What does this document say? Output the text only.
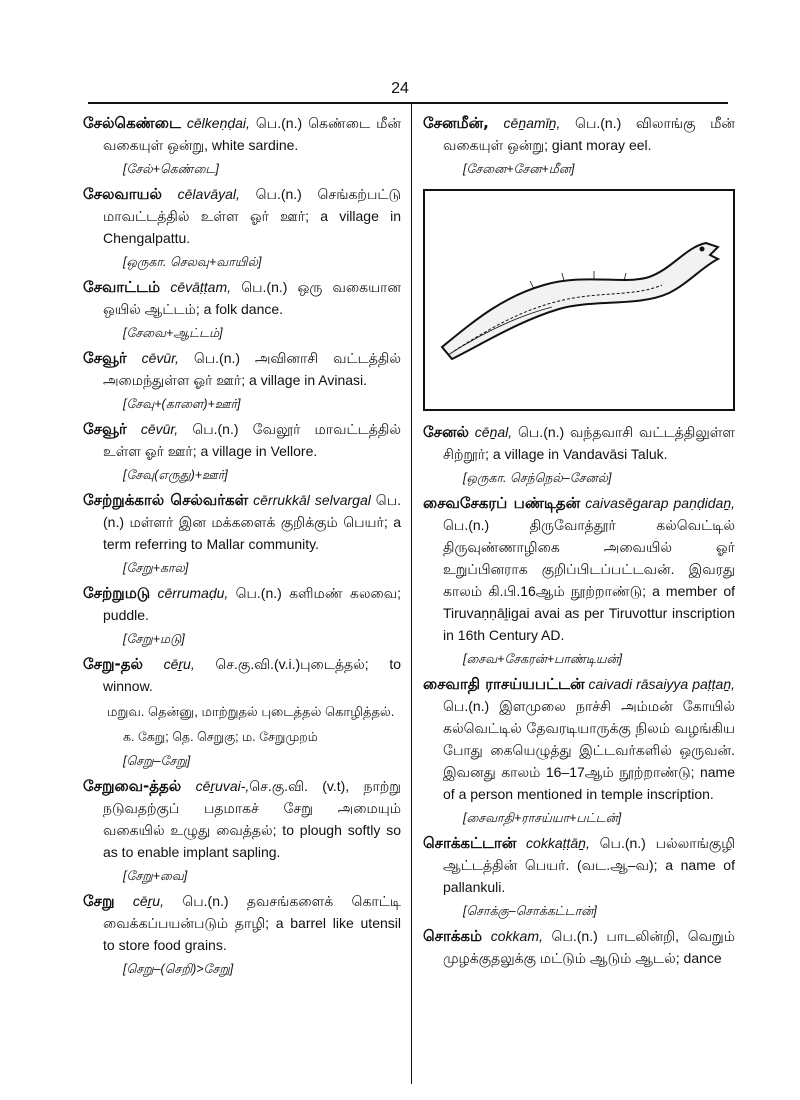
24

சேல்கெண்டை cēlkeṇḍai, பெ.(n.) கெண்டை மீன் வகையுள் ஒன்று, white sardine.

[சேல்+கெண்டை]

சேலவாயல் cēlavāyal, பெ.(n.) செங்கற்பட்டு மாவட்டத்தில் உள்ள ஓர் ஊர்; a village in Chengalpattu.

[ஒருகா. செலவு+வாயில்]

சேவாட்டம் cēvāṭṭam, பெ.(n.) ஒரு வகையான ஒயில் ஆட்டம்; a folk dance.

[சேவை+ஆட்டம்]

சேவூர் cēvūr, பெ.(n.) அவினாசி வட்டத்தில் அமைந்துள்ள ஓர் ஊர்; a village in Avinasi.

[சேவு+(காளை)+ஊர்]

சேவூர் cēvūr, பெ.(n.) வேலூர் மாவட்டத்தில் உள்ள ஓர் ஊர்; a village in Vellore.

[சேவு(எருது)+ஊர்]

சேற்றுக்கால் செல்வர்கள் cērrukkāl selvargal பெ.(n.) மள்ளர் இன மக்களைக் குறிக்கும் பெயர்; a term referring to Mallar community.

[சேறு+கால]

சேற்றுமடு cērrumaḍu, பெ.(n.) களிமண் கலவை; puddle.

[சேறு+மடு]

சேறு-தல் cēṟu, செ.கு.வி.(v.i.)புடைத்தல்; to winnow.

மறுவ. தென்னு, மாற்றுதல் புடைத்தல் கொழித்தல்.
க. கேறு; தெ. செறுகு; ம. சேறுமுறம்
[செறு–சேறு]

சேறுவை-த்தல் cēṟuvai-,செ.கு.வி. (v.t), நாற்று நடுவதற்குப் பதமாகச் சேறு அமையும் வகையில் உழுது வைத்தல்; to plough softly so as to enable implant sapling.

[சேறு+வை]

சேறு cēṟu, பெ.(n.) தவசங்களைக் கொட்டி வைக்கப்பயன்படும் தாழி; a barrel like utensil to store food grains.

[செறு–(செறி)>சேறு]

சேனமீன், cēṉamīṉ, பெ.(n.) விலாங்கு மீன் வகையுள் ஒன்று; giant moray eel.

[சேனை+சேன+மீன]

சேனல் cēṉal, பெ.(n.) வந்தவாசி வட்டத்திலுள்ள சிற்றூர்; a village in Vandavāsi Taluk.

[ஒருகா. செந்நெல்–சேனல்]

சைவசேகரப் பண்டிதன் caivasēgarap paṇḍidaṉ, பெ.(n.) திருவோத்தூர் கல்வெட்டில் திருவுண்ணாழிகை அவையில் ஓர் உறுப்பினராக குறிப்பிடப்பட்டவன். இவரது காலம் கி.பி.16ஆம் நூற்றாண்டு; a member of Tiruvaṇṇāḻigai avai as per Tiruvottur inscription in 16th Century AD.

[சைவ+சேகரன்+பாண்டியன்]

சைவாதி ராசய்யபட்டன் caivadi rāsaiyya paṭṭaṉ, பெ.(n.) இளமுலை நாச்சி அம்மன் கோயில் கல்வெட்டில் தேவரடியாருக்கு நிலம் வழங்கிய போது கையெழுத்து இட்டவர்களில் ஒருவன். இவனது காலம் 16–17ஆம் நூற்றாண்டு; name of a person mentioned in temple inscription.

[சைவாதி+ராசய்யா+பட்டன்]

சொக்கட்டான் cokkaṭṭāṉ, பெ.(n.) பல்லாங்குழி ஆட்டத்தின் பெயர். (வட.ஆ–வ); a name of pallankuli.

[சொக்கு–சொக்கட்டான்]

சொக்கம் cokkam, பெ.(n.) பாடலின்றி, வெறும் முழக்குதலுக்கு மட்டும் ஆடும் ஆடல்; dance
